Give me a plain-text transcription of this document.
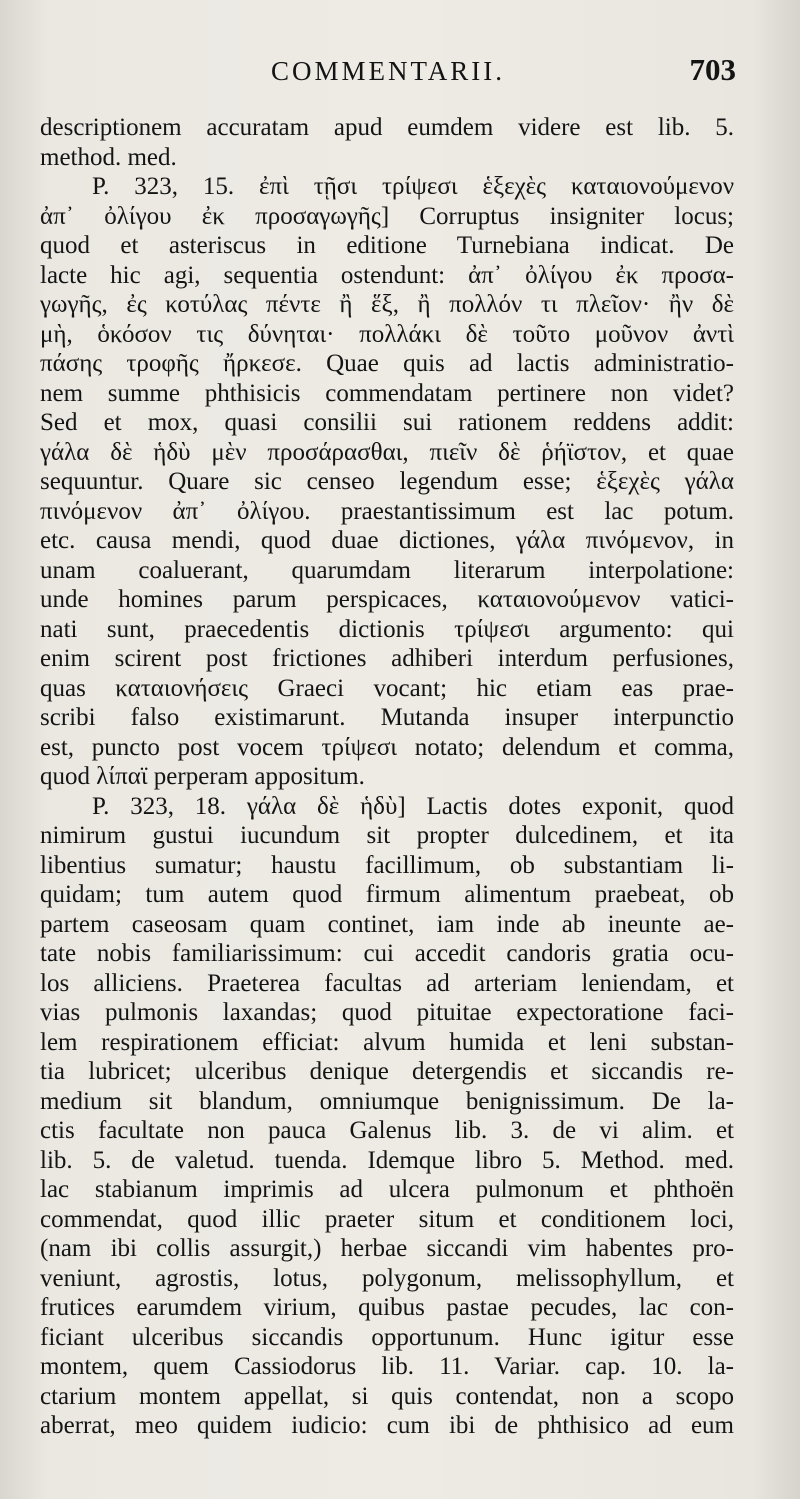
COMMENTARII.	703
descriptionem accuratam apud eumdem videre est lib. 5.
method. med.
P. 323, 15. ἐπὶ τῇσι τρίψεσι ἑξεχὲς καταιονούμενον
ἀπ᾽ ὀλίγου ἐκ προσαγωγῆς] Corruptus insigniter locus;
quod et asteriscus in editione Turnebiana indicat. De
lacte hic agi, sequentia ostendunt: ἀπ᾽ ὀλίγου ἐκ προσα-
γωγῆς, ἐς κοτύλας πέντε ἢ ἕξ, ἢ πολλόν τι πλεῖον· ἢν δὲ
μὴ, ὁκόσον τις δύνηται· πολλάκι δὲ τοῦτο μοῦνον ἀντὶ
πάσης τροφῆς ἤρκεσε. Quae quis ad lactis administratio-
nem summe phthisicis commendatam pertinere non videt?
Sed et mox, quasi consilii sui rationem reddens addit:
γάλα δὲ ἡδὺ μὲν προσάρασθαι, πιεῖν δὲ ῥήϊστον, et quae
sequuntur. Quare sic censeo legendum esse; ἑξεχὲς γάλα
πινόμενον ἀπ᾽ ὀλίγου. praestantissimum est lac potum.
etc. causa mendi, quod duae dictiones, γάλα πινόμενον, in
unam coaluerant, quarumdam literarum interpolatione:
unde homines parum perspicaces, καταιονούμενον vatici-
nati sunt, praecedentis dictionis τρίψεσι argumento: qui
enim scirent post frictiones adhiberi interdum perfusiones,
quas καταιονήσεις Graeci vocant; hic etiam eas prae-
scribi falso existimarunt. Mutanda insuper interpunctio
est, puncto post vocem τρίψεσι notato; delendum et comma,
quod λίπαϊ perperam appositum.
P. 323, 18. γάλα δὲ ἡδὺ] Lactis dotes exponit, quod
nimirum gustui iucundum sit propter dulcedinem, et ita
libentius sumatur; haustu facillimum, ob substantiam li-
quidam; tum autem quod firmum alimentum praebeat, ob
partem caseosam quam continet, iam inde ab ineunte ae-
tate nobis familiarissimum: cui accedit candoris gratia ocu-
los alliciens. Praeterea facultas ad arteriam leniendam, et
vias pulmonis laxandas; quod pituitae expectoratione faci-
lem respirationem efficiat: alvum humida et leni substan-
tia lubricet; ulceribus denique detergendis et siccandis re-
medium sit blandum, omniumque benignissimum. De la-
ctis facultate non pauca Galenus lib. 3. de vi alim. et
lib. 5. de valetud. tuenda. Idemque libro 5. Method. med.
lac stabianum imprimis ad ulcera pulmonum et phthoën
commendat, quod illic praeter situm et conditionem loci,
(nam ibi collis assurgit,) herbae siccandi vim habentes pro-
veniunt, agrostis, lotus, polygonum, melissophyllum, et
frutices earumdem virium, quibus pastae pecudes, lac con-
ficiant ulceribus siccandis opportunum. Hunc igitur esse
montem, quem Cassiodorus lib. 11. Variar. cap. 10. la-
ctarium montem appellat, si quis contendat, non a scopo
aberrat, meo quidem iudicio: cum ibi de phthisico ad eum
